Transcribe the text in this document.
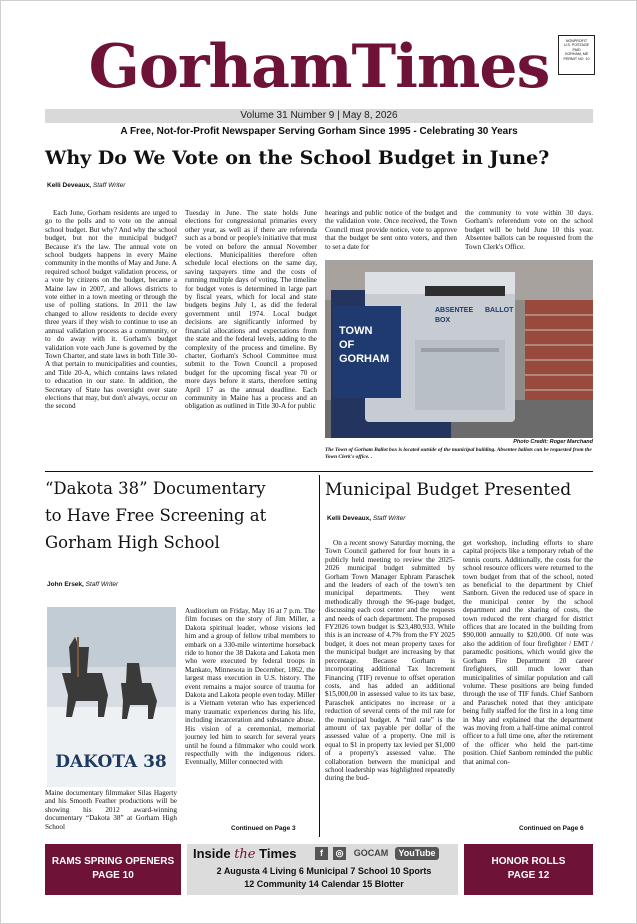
GorhamTimes	NONPROFIT
U.S. POSTAGE
PAID
GORHAM, ME
PERMIT NO. 10
Volume 31 Number 9 | May 8, 2026
A Free, Not-for-Profit Newspaper Serving Gorham Since 1995 - Celebrating 30 Years
Why Do We Vote on the School Budget in June?
Kelli Deveaux, Staff Writer
Each June, Gorham residents are urged to go to the polls and to vote on the annual school budget. But why? And why the school budget, but not the municipal budget? Because it's the law. The annual vote on school budgets happens in every Maine community in the months of May and June. A required school budget validation process, or a vote by citizens on the budget, became a Maine law in 2007, and allows districts to vote either in a town meeting or through the use of polling stations. In 2011 the law changed to allow residents to decide every three years if they wish to continue to use an annual validation process as a community, or to do away with it. Gorham's budget validation vote each June is governed by the Town Charter, and state laws in both Title 30-A that pertain to municipalities and counties, and Title 20-A, which contains laws related to education in our state. In addition, the Secretary of State has oversight over state elections that may, but don't always, occur on the second
Tuesday in June. The state holds June elections for congressional primaries every other year, as well as if there are referenda such as a bond or people's initiative that must be voted on before the annual November elections. Municipalities therefore often schedule local elections on the same day, saving taxpayers time and the costs of running multiple days of voting. The timeline for budget votes is determined in large part by fiscal years, which for local and state budgets begins July 1, as did the federal government until 1974. Local budget decisions are significantly informed by financial allocations and expectations from the state and the federal levels, adding to the complexity of the process and timeline. By charter, Gorham's School Committee must submit to the Town Council a proposed budget for the upcoming fiscal year 70 or more days before it starts, therefore setting April 17 as the annual deadline. Each community in Maine has a process and an obligation as outlined in Title 30-A for public
hearings and public notice of the budget and the validation vote. Once received, the Town Council must provide notice, vote to approve that the budget be sent onto voters, and then to set a date for
the community to vote within 30 days. Gorham's referendum vote on the school budget will be held June 10 this year. Absentee ballots can be requested from the Town Clerk's Office.
TOWN
OF
GORHAM
ABSENTEE BALLOT
BOX
Photo Credit: Roger Marchand
The Town of Gorham Ballot box is located outside of the municipal building. Absentee ballots can be requested from the Town Clerk's office. .
“Dakota 38” Documentary
to Have Free Screening at
Gorham High School
John Ersek, Staff Writer
DAKOTA 38
Maine documentary filmmaker Silas Hagerty and his Smooth Feather productions will be showing his 2012 award-winning documentary “Dakota 38” at Gorham High School
Auditorium on Friday, May 16 at 7 p.m. The film focuses on the story of Jim Miller, a Dakota spiritual leader, whose visions led him and a group of fellow tribal members to embark on a 330-mile wintertime horseback ride to honor the 38 Dakota and Lakota men who were executed by federal troops in Mankato, Minnesota in December, 1862, the largest mass execution in U.S. history. The event remains a major source of trauma for Dakota and Lakota people even today. Miller is a Vietnam veteran who has experienced many traumatic experiences during his life, including incarceration and substance abuse. His vision of a ceremonial, memorial journey led him to search for several years until he found a filmmaker who could work respectfully with the indigenous riders. Eventually, Miller connected with
Continued on Page 3
Municipal Budget Presented
Kelli Deveaux, Staff Writer
On a recent snowy Saturday morning, the Town Council gathered for four hours in a publicly held meeting to review the 2025-2026 municipal budget submitted by Gorham Town Manager Ephram Paraschek and the leaders of each of the town's ten municipal departments. They went methodically through the 96-page budget, discussing each cost center and the requests and needs of each department. The proposed FY2026 town budget is $23,480,933. While this is an increase of 4.7% from the FY 2025 budget, it does not mean property taxes for the municipal budget are increasing by that percentage. Because Gorham is incorporating additional Tax Increment Financing (TIF) revenue to offset operation costs, and has added an additional $15,000,00 in assessed value to its tax base, Paraschek anticipates no increase or a reduction of several cents of the mil rate for the municipal budget. A “mil rate” is the amount of tax payable per dollar of the assessed value of a property. One mil is equal to $1 in property tax levied per $1,000 of a property's assessed value. The collaboration between the municipal and school leadership was highlighted repeatedly during the bud-
get workshop, including efforts to share capital projects like a temporary rehab of the tennis courts. Additionally, the costs for the school resource officers were returned to the town budget from that of the school, noted as beneficial to the department by Chief Sanborn. Given the reduced use of space in the municipal center by the school department and the sharing of costs, the town reduced the rent charged for district offices that are located in the building from $90,000 annually to $20,000. Of note was also the addition of four firefighter / EMT / paramedic positions, which would give the Gorham Fire Department 20 career firefighters, still much lower than municipalities of similar population and call volume. These positions are being funded through the use of TIF funds. Chief Sanborn and Paraschek noted that they anticipate being fully staffed for the first in a long time in May and explained that the department was moving from a half-time animal control officer to a full time one, after the retirement of the officer who held the part-time position. Chief Sanborn reminded the public that animal con-
Continued on Page 6
RAMS SPRING OPENERS
PAGE 10
Inside the Times	f	◎	GOCAM	YouTube
2 Augusta 4 Living 6 Municipal 7 School 10 Sports
12 Community 14 Calendar 15 Blotter
HONOR ROLLS
PAGE 12
